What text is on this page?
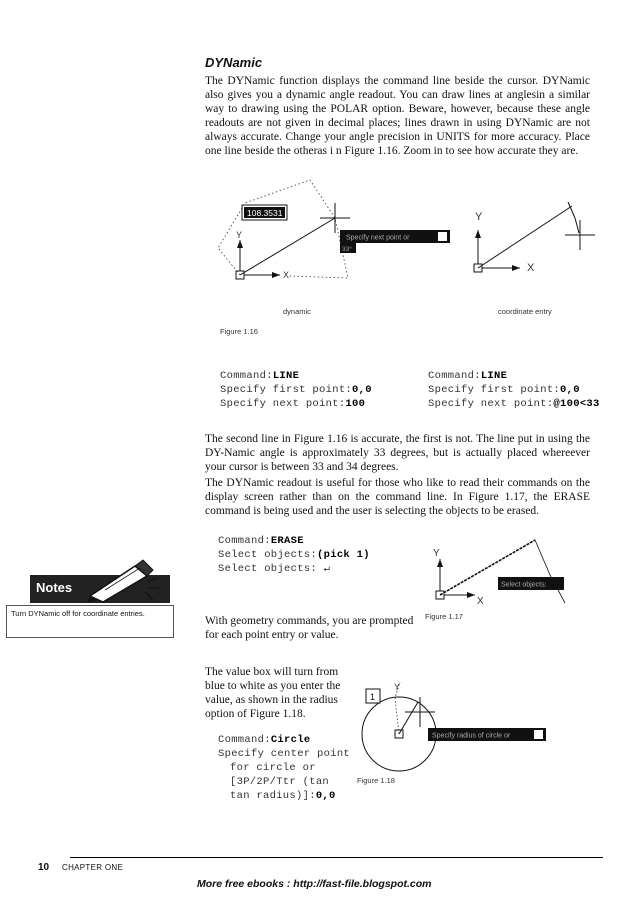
DYNamic
The DYNamic function displays the command line beside the cursor. DYNamic also gives you a dynamic angle readout. You can draw lines at anglesin a similar way to drawing using the POLAR option. Beware, however, because these angle readouts are not given in decimal places; lines drawn in using DYNamic are not always accurate. Change your angle precision in UNITS for more accuracy. Place one line beside the otheras i n Figure 1.16. Zoom in to see how accurate they are.
Y
X
108.3531
Specify next point or
33°
Y
X
dynamic	coordinate entry
Figure 1.16
Command:LINE
Specify first point:0,0
Specify next point:100
Command:LINE
Specify first point:0,0
Specify next point:@100<33
The second line in Figure 1.16 is accurate, the first is not. The line put in using the DY-Namic angle is approximately 33 degrees, but is actually placed whereever your cursor is between 33 and 34 degrees.
The DYNamic readout is useful for those who like to read their commands on the display screen rather than on the command line. In Figure 1.17, the ERASE command is being used and the user is selecting the objects to be erased.
Command:ERASE
Select objects:(pick 1)
Select objects: ↵
Y
X
Select objects:
Figure 1.17
Notes
Turn DYNamic off for coordinate entries.
With geometry commands, you are prompted for each point entry or value.
The value box will turn from blue to white as you enter the value, as shown in the radius option of Figure 1.18.
Command:Circle
Specify center point
for circle or
[3P/2P/Ttr (tan
tan radius)]:0,0
1
Y
Specify radius of circle or
Figure 1.18
10 CHAPTER ONE
More free ebooks : http://fast-file.blogspot.com
